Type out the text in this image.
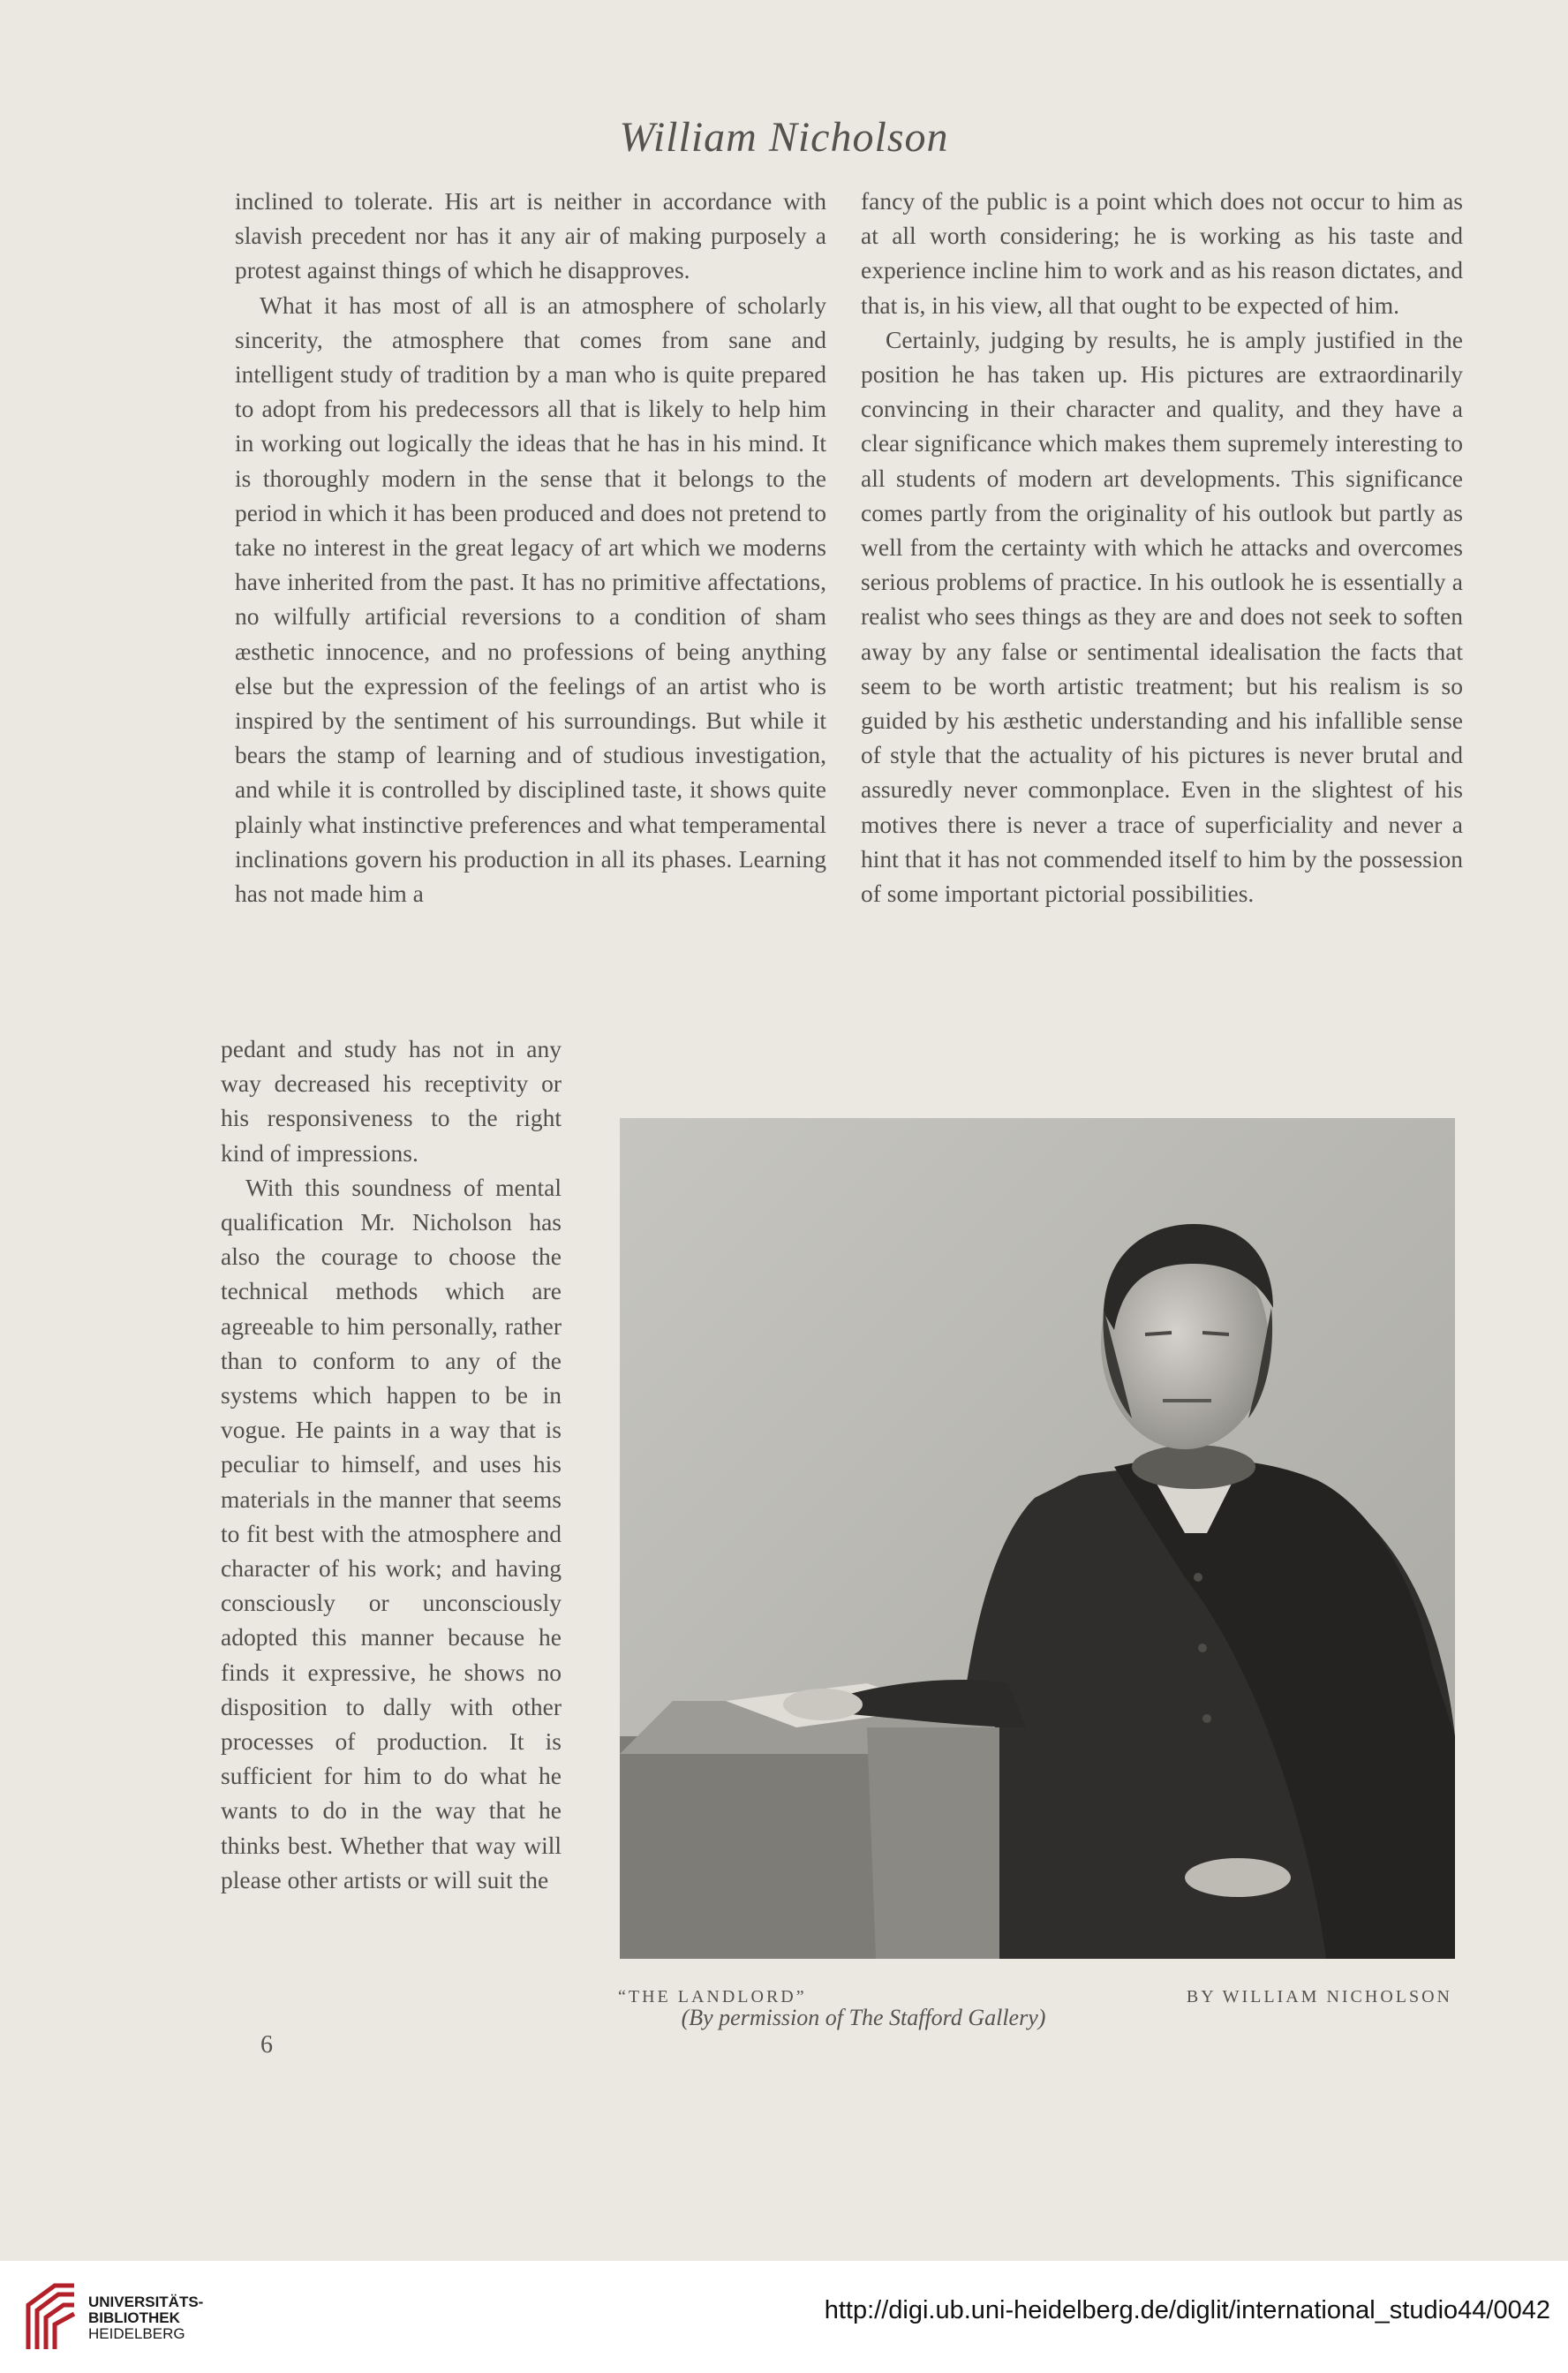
William Nicholson

inclined to tolerate. His art is neither in accordance with slavish precedent nor has it any air of making purposely a protest against things of which he disapproves.

What it has most of all is an atmosphere of scholarly sincerity, the atmosphere that comes from sane and intelligent study of tradition by a man who is quite prepared to adopt from his predecessors all that is likely to help him in working out logically the ideas that he has in his mind. It is thoroughly modern in the sense that it belongs to the period in which it has been produced and does not pretend to take no interest in the great legacy of art which we moderns have inherited from the past. It has no primitive affectations, no wilfully artificial reversions to a condition of sham æsthetic innocence, and no professions of being anything else but the expression of the feelings of an artist who is inspired by the sentiment of his surroundings. But while it bears the stamp of learning and of studious investigation, and while it is controlled by disciplined taste, it shows quite plainly what instinctive preferences and what temperamental inclinations govern his production in all its phases. Learning has not made him a

fancy of the public is a point which does not occur to him as at all worth considering; he is working as his taste and experience incline him to work and as his reason dictates, and that is, in his view, all that ought to be expected of him.

Certainly, judging by results, he is amply justified in the position he has taken up. His pictures are extraordinarily convincing in their character and quality, and they have a clear significance which makes them supremely interesting to all students of modern art developments. This significance comes partly from the originality of his outlook but partly as well from the certainty with which he attacks and overcomes serious problems of practice. In his outlook he is essentially a realist who sees things as they are and does not seek to soften away by any false or sentimental idealisation the facts that seem to be worth artistic treatment; but his realism is so guided by his æsthetic understanding and his infallible sense of style that the actuality of his pictures is never brutal and assuredly never commonplace. Even in the slightest of his motives there is never a trace of superficiality and never a hint that it has not commended itself to him by the possession of some important pictorial possibilities.

pedant and study has not in any way decreased his receptivity or his responsiveness to the right kind of impressions.

With this soundness of mental qualification Mr. Nicholson has also the courage to choose the technical methods which are agreeable to him personally, rather than to conform to any of the systems which happen to be in vogue. He paints in a way that is peculiar to himself, and uses his materials in the manner that seems to fit best with the atmosphere and character of his work; and having consciously or unconsciously adopted this manner because he finds it expressive, he shows no disposition to dally with other processes of production. It is sufficient for him to do what he wants to do in the way that he thinks best. Whether that way will please other artists or will suit the

“THE LANDLORD”	BY WILLIAM NICHOLSON
(By permission of The Stafford Gallery)
6
UNIVERSITÄTS-
BIBLIOTHEK
HEIDELBERG
http://digi.ub.uni-heidelberg.de/diglit/international_studio44/0042
